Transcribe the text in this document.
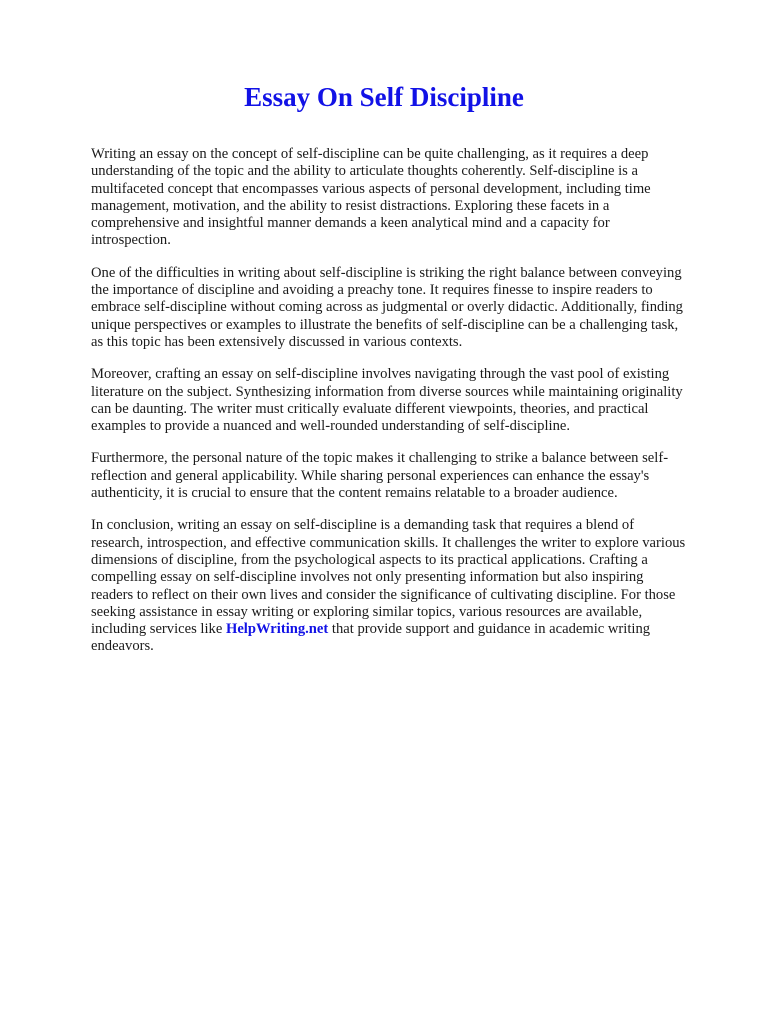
Essay On Self Discipline

Writing an essay on the concept of self-discipline can be quite challenging, as it requires a deep
understanding of the topic and the ability to articulate thoughts coherently. Self-discipline is a
multifaceted concept that encompasses various aspects of personal development, including time
management, motivation, and the ability to resist distractions. Exploring these facets in a
comprehensive and insightful manner demands a keen analytical mind and a capacity for
introspection.

One of the difficulties in writing about self-discipline is striking the right balance between conveying
the importance of discipline and avoiding a preachy tone. It requires finesse to inspire readers to
embrace self-discipline without coming across as judgmental or overly didactic. Additionally, finding
unique perspectives or examples to illustrate the benefits of self-discipline can be a challenging task,
as this topic has been extensively discussed in various contexts.

Moreover, crafting an essay on self-discipline involves navigating through the vast pool of existing
literature on the subject. Synthesizing information from diverse sources while maintaining originality
can be daunting. The writer must critically evaluate different viewpoints, theories, and practical
examples to provide a nuanced and well-rounded understanding of self-discipline.

Furthermore, the personal nature of the topic makes it challenging to strike a balance between self-
reflection and general applicability. While sharing personal experiences can enhance the essay's
authenticity, it is crucial to ensure that the content remains relatable to a broader audience.

In conclusion, writing an essay on self-discipline is a demanding task that requires a blend of
research, introspection, and effective communication skills. It challenges the writer to explore various
dimensions of discipline, from the psychological aspects to its practical applications. Crafting a
compelling essay on self-discipline involves not only presenting information but also inspiring
readers to reflect on their own lives and consider the significance of cultivating discipline. For those
seeking assistance in essay writing or exploring similar topics, various resources are available,
including services like HelpWriting.net that provide support and guidance in academic writing
endeavors.
